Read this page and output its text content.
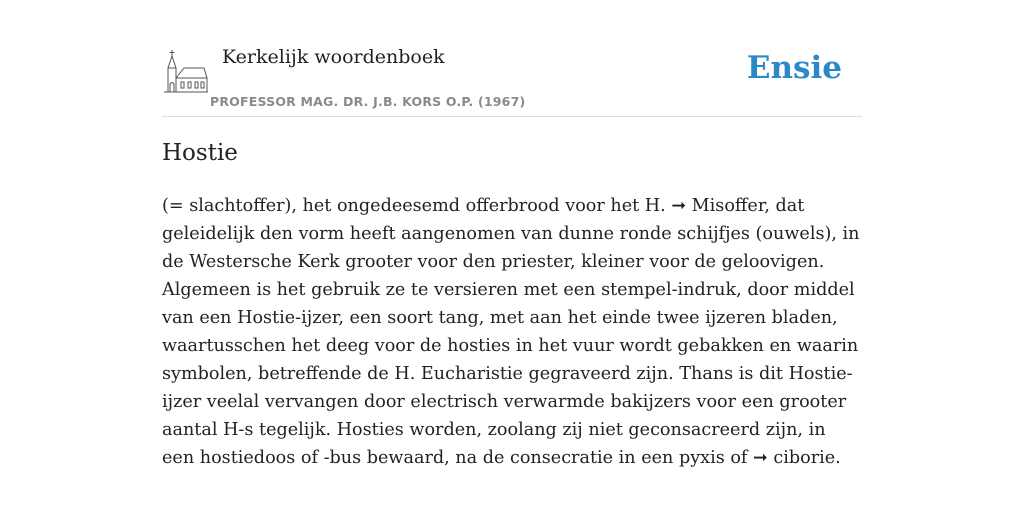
Kerkelijk woordenboek
PROFESSOR MAG. DR. J.B. KORS O.P. (1967)
Ensie
Hostie

(= slachtoffer), het ongedeesemd offerbrood voor het H. ➞ Misoffer, dat geleidelijk den vorm heeft aangenomen van dunne ronde schijfjes (ouwels), in de Westersche Kerk grooter voor den priester, kleiner voor de geloovigen. Algemeen is het gebruik ze te versieren met een stempel-indruk, door middel van een Hostie-ijzer, een soort tang, met aan het einde twee ijzeren bladen, waartusschen het deeg voor de hosties in het vuur wordt gebakken en waarin symbolen, betreffende de H. Eucharistie gegraveerd zijn. Thans is dit Hostie-ijzer veelal vervangen door electrisch verwarmde bakijzers voor een grooter aantal H-s tegelijk. Hosties worden, zoolang zij niet geconsacreerd zijn, in een hostiedoos of -bus bewaard, na de consecratie in een pyxis of ➞ ciborie.
